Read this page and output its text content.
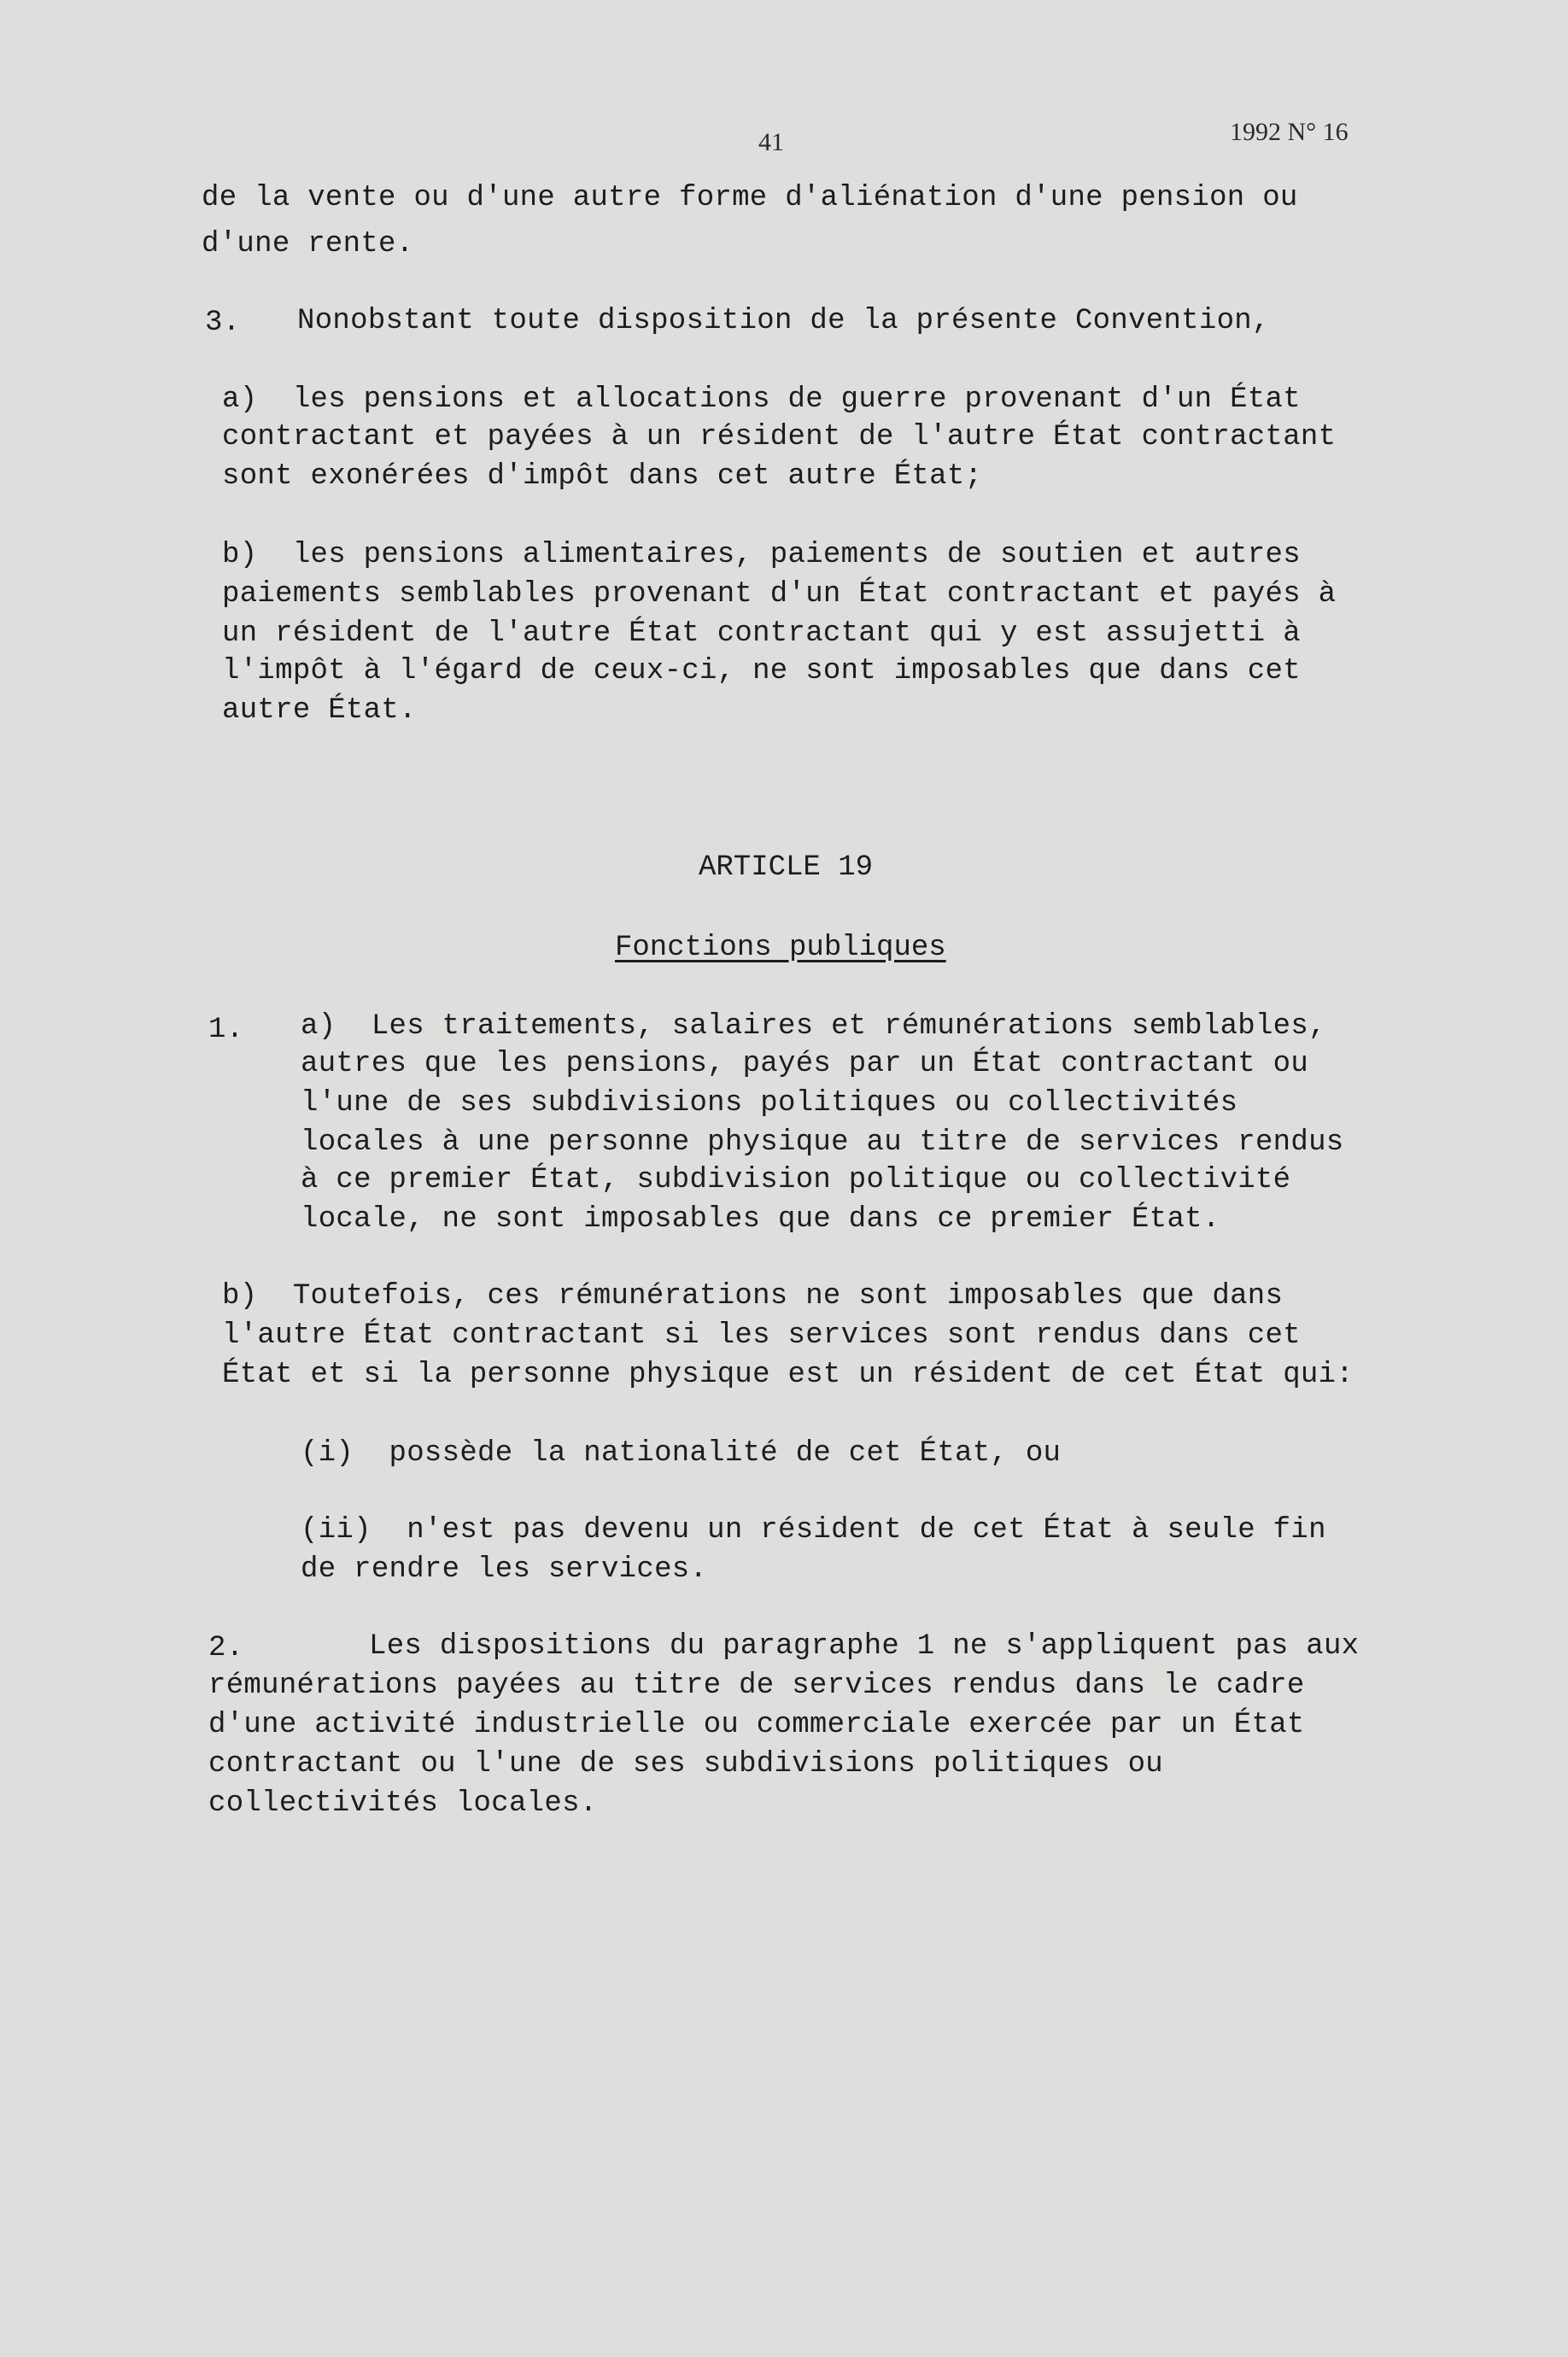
41	1992 N° 16
de la vente ou d'une autre forme d'aliénation d'une pension ou
d'une rente.
3. Nonobstant toute disposition de la présente Convention,
a)  les pensions et allocations de guerre provenant d'un État
contractant et payées à un résident de l'autre État contractant
sont exonérées d'impôt dans cet autre État;
b)  les pensions alimentaires, paiements de soutien et autres
paiements semblables provenant d'un État contractant et payés à
un résident de l'autre État contractant qui y est assujetti à
l'impôt à l'égard de ceux-ci, ne sont imposables que dans cet
autre État.
ARTICLE 19
Fonctions publiques
1. a)  Les traitements, salaires et rémunérations semblables,
autres que les pensions, payés par un État contractant ou
l'une de ses subdivisions politiques ou collectivités
locales à une personne physique au titre de services rendus
à ce premier État, subdivision politique ou collectivité
locale, ne sont imposables que dans ce premier État.
b)  Toutefois, ces rémunérations ne sont imposables que dans
l'autre État contractant si les services sont rendus dans cet
État et si la personne physique est un résident de cet État qui:
(i)  possède la nationalité de cet État, ou
(ii)  n'est pas devenu un résident de cet État à seule fin
de rendre les services.
2.	Les dispositions du paragraphe 1 ne s'appliquent pas aux
rémunérations payées au titre de services rendus dans le cadre
d'une activité industrielle ou commerciale exercée par un État
contractant ou l'une de ses subdivisions politiques ou
collectivités locales.
